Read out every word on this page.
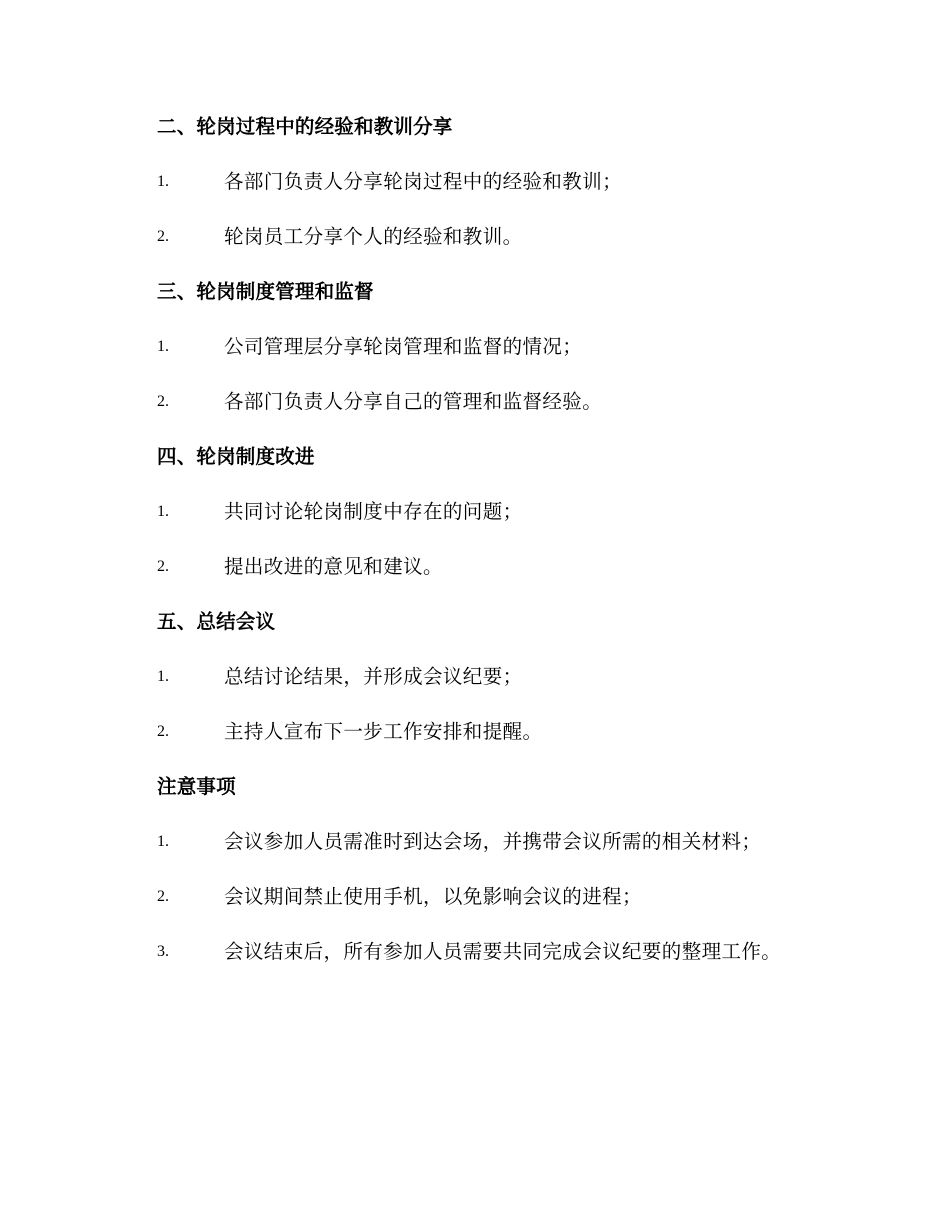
二、轮岗过程中的经验和教训分享
1.	各部门负责人分享轮岗过程中的经验和教训；
2.	轮岗员工分享个人的经验和教训。
三、轮岗制度管理和监督
1.	公司管理层分享轮岗管理和监督的情况；
2.	各部门负责人分享自己的管理和监督经验。
四、轮岗制度改进
1.	共同讨论轮岗制度中存在的问题；
2.	提出改进的意见和建议。
五、总结会议
1.	总结讨论结果，并形成会议纪要；
2.	主持人宣布下一步工作安排和提醒。
注意事项
1.	会议参加人员需准时到达会场，并携带会议所需的相关材料；
2.	会议期间禁止使用手机，以免影响会议的进程；
3.	会议结束后，所有参加人员需要共同完成会议纪要的整理工作。
